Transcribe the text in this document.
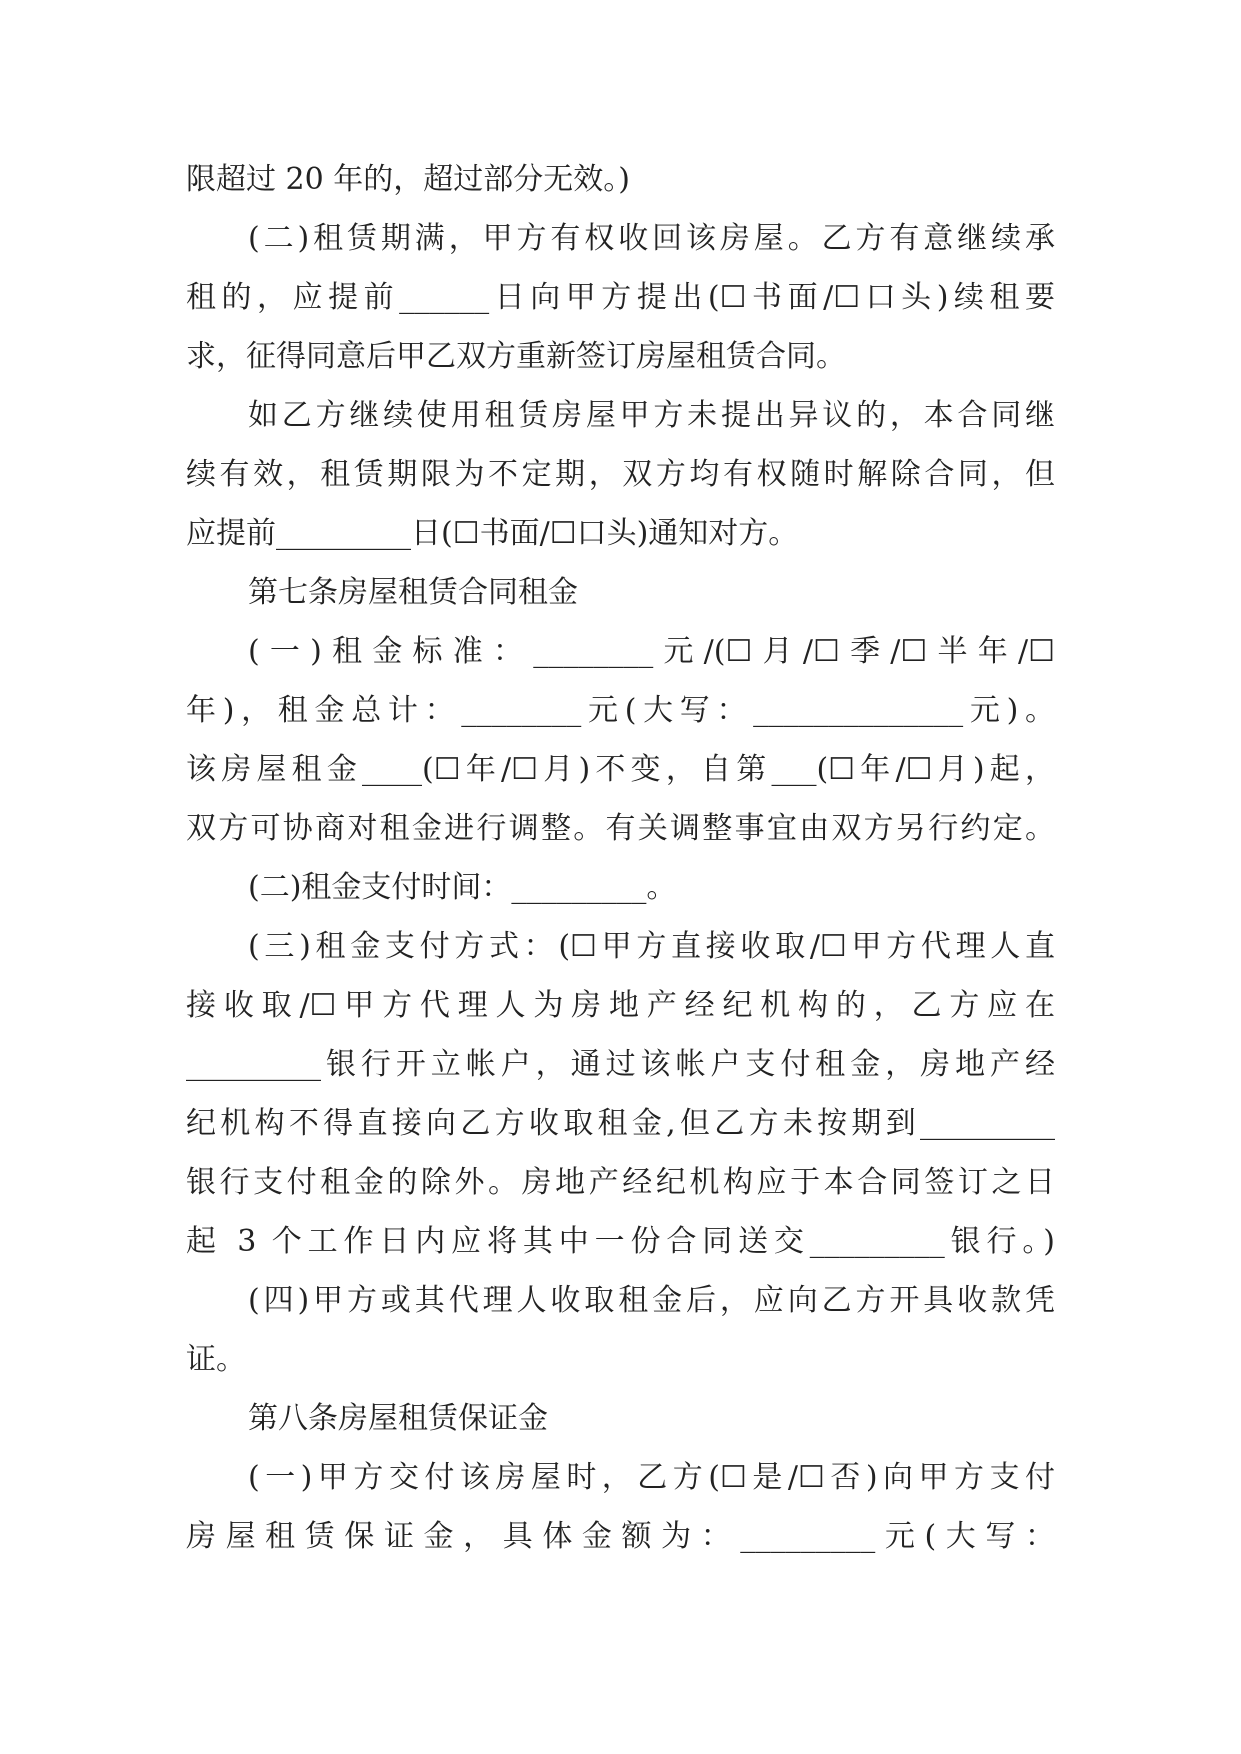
限超过 20 年的，超过部分无效。)
(二)租赁期满，甲方有权收回该房屋。乙方有意继续承
租的，应提前______日向甲方提出(☐书面/☐口头)续租要
求，征得同意后甲乙双方重新签订房屋租赁合同。
如乙方继续使用租赁房屋甲方未提出异议的，本合同继
续有效，租赁期限为不定期，双方均有权随时解除合同，但
应提前_________日(☐书面/☐口头)通知对方。
第七条房屋租赁合同租金
(一)租金标准：________元/(☐月/☐季/☐半年/☐
年)，租金总计：________元(大写：______________元)。
该房屋租金____(☐年/☐月)不变，自第___(☐年/☐月)起，
双方可协商对租金进行调整。有关调整事宜由双方另行约定。
(二)租金支付时间：_________。
(三)租金支付方式：(☐甲方直接收取/☐甲方代理人直
接收取/☐甲方代理人为房地产经纪机构的，乙方应在
_________银行开立帐户，通过该帐户支付租金，房地产经
纪机构不得直接向乙方收取租金,但乙方未按期到_________
银行支付租金的除外。房地产经纪机构应于本合同签订之日
起 3 个工作日内应将其中一份合同送交_________银行。)
(四)甲方或其代理人收取租金后，应向乙方开具收款凭
证。
第八条房屋租赁保证金
(一)甲方交付该房屋时，乙方(☐是/☐否)向甲方支付
房屋租赁保证金，具体金额为：_________元(大写：
